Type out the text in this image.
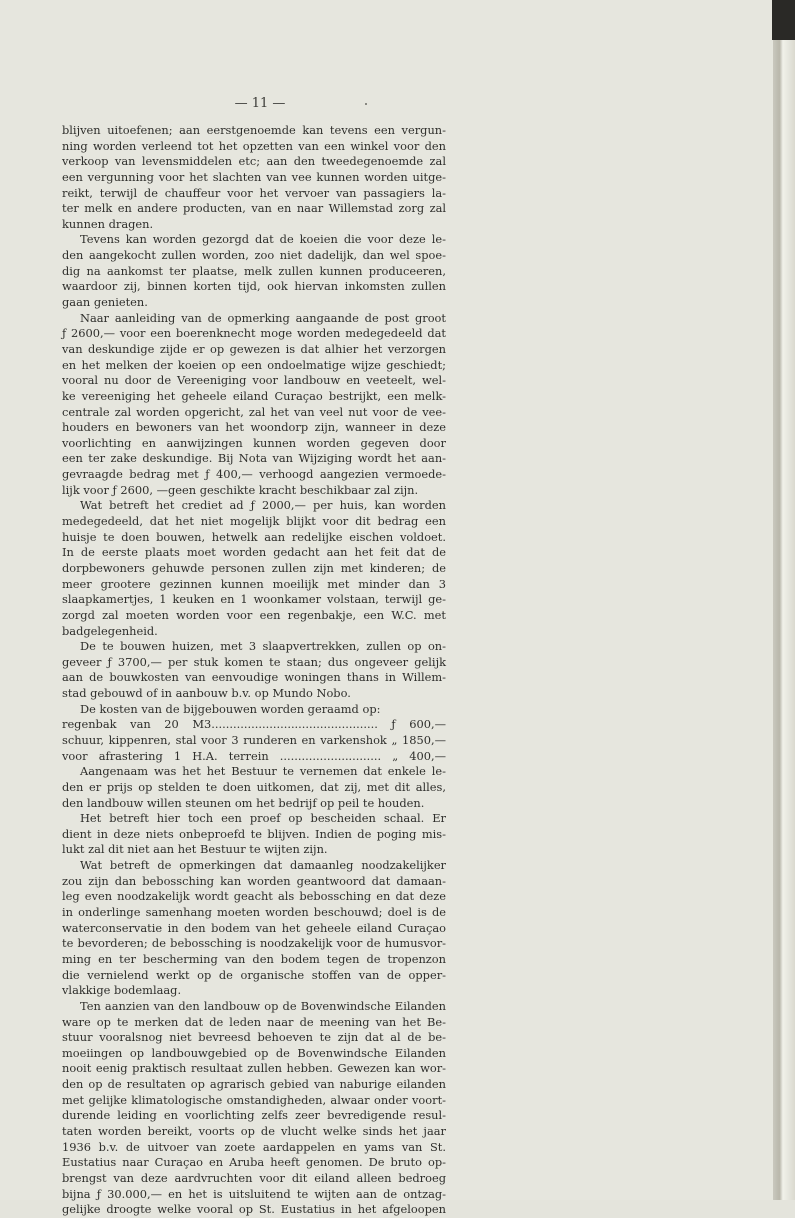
— 11 —
blijven uitoefenen; aan eerstgenoemde kan tevens een vergun-
ning worden verleend tot het opzetten van een winkel voor den
verkoop van levensmiddelen etc; aan den tweedegenoemde zal
een vergunning voor het slachten van vee kunnen worden uitge-
reikt, terwijl de chauffeur voor het vervoer van passagiers la-
ter melk en andere producten, van en naar Willemstad zorg zal
kunnen dragen.
Tevens kan worden gezorgd dat de koeien die voor deze le-
den aangekocht zullen worden, zoo niet dadelijk, dan wel spoe-
dig na aankomst ter plaatse, melk zullen kunnen produceeren,
waardoor zij, binnen korten tijd, ook hiervan inkomsten zullen
gaan genieten.
Naar aanleiding van de opmerking aangaande de post groot
ƒ 2600,— voor een boerenknecht moge worden medegedeeld dat
van deskundige zijde er op gewezen is dat alhier het verzorgen
en het melken der koeien op een ondoelmatige wijze geschiedt;
vooral nu door de Vereeniging voor landbouw en veeteelt, wel-
ke vereeniging het geheele eiland Curaçao bestrijkt, een melk-
centrale zal worden opgericht, zal het van veel nut voor de vee-
houders en bewoners van het woondorp zijn, wanneer in deze
voorlichting en aanwijzingen kunnen worden gegeven door
een ter zake deskundige. Bij Nota van Wijziging wordt het aan-
gevraagde bedrag met ƒ 400,— verhoogd aangezien vermoede-
lijk voor ƒ 2600, —geen geschikte kracht beschikbaar zal zijn.
Wat betreft het crediet ad ƒ 2000,— per huis, kan worden
medegedeeld, dat het niet mogelijk blijkt voor dit bedrag een
huisje te doen bouwen, hetwelk aan redelijke eischen voldoet.
In de eerste plaats moet worden gedacht aan het feit dat de
dorpbewoners gehuwde personen zullen zijn met kinderen; de
meer grootere gezinnen kunnen moeilijk met minder dan 3
slaapkamertjes, 1 keuken en 1 woonkamer volstaan, terwijl ge-
zorgd zal moeten worden voor een regenbakje, een W.C. met
badgelegenheid.
De te bouwen huizen, met 3 slaapvertrekken, zullen op on-
geveer ƒ 3700,— per stuk komen te staan; dus ongeveer gelijk
aan de bouwkosten van eenvoudige woningen thans in Willem-
stad gebouwd of in aanbouw b.v. op Mundo Nobo.
De kosten van de bijgebouwen worden geraamd op:
regenbak van 20 M3.............................................. ƒ 600,—
schuur, kippenren, stal voor 3 runderen en varkenshok „ 1850,—
voor afrastering 1 H.A. terrein ............................ „ 400,—
Aangenaam was het het Bestuur te vernemen dat enkele le-
den er prijs op stelden te doen uitkomen, dat zij, met dit alles,
den landbouw willen steunen om het bedrijf op peil te houden.
Het betreft hier toch een proef op bescheiden schaal. Er
dient in deze niets onbeproefd te blijven. Indien de poging mis-
lukt zal dit niet aan het Bestuur te wijten zijn.
Wat betreft de opmerkingen dat damaanleg noodzakelijker
zou zijn dan bebossching kan worden geantwoord dat damaan-
leg even noodzakelijk wordt geacht als bebossching en dat deze
in onderlinge samenhang moeten worden beschouwd; doel is de
waterconservatie in den bodem van het geheele eiland Curaçao
te bevorderen; de bebossching is noodzakelijk voor de humusvor-
ming en ter bescherming van den bodem tegen de tropenzon
die vernielend werkt op de organische stoffen van de opper-
vlakkige bodemlaag.
Ten aanzien van den landbouw op de Bovenwindsche Eilanden
ware op te merken dat de leden naar de meening van het Be-
stuur vooralsnog niet bevreesd behoeven te zijn dat al de be-
moeiingen op landbouwgebied op de Bovenwindsche Eilanden
nooit eenig praktisch resultaat zullen hebben. Gewezen kan wor-
den op de resultaten op agrarisch gebied van naburige eilanden
met gelijke klimatologische omstandigheden, alwaar onder voort-
durende leiding en voorlichting zelfs zeer bevredigende resul-
taten worden bereikt, voorts op de vlucht welke sinds het jaar
1936 b.v. de uitvoer van zoete aardappelen en yams van St.
Eustatius naar Curaçao en Aruba heeft genomen. De bruto op-
brengst van deze aardvruchten voor dit eiland alleen bedroeg
bijna ƒ 30.000,— en het is uitsluitend te wijten aan de ontzag-
gelijke droogte welke vooral op St. Eustatius in het afgeloopen
